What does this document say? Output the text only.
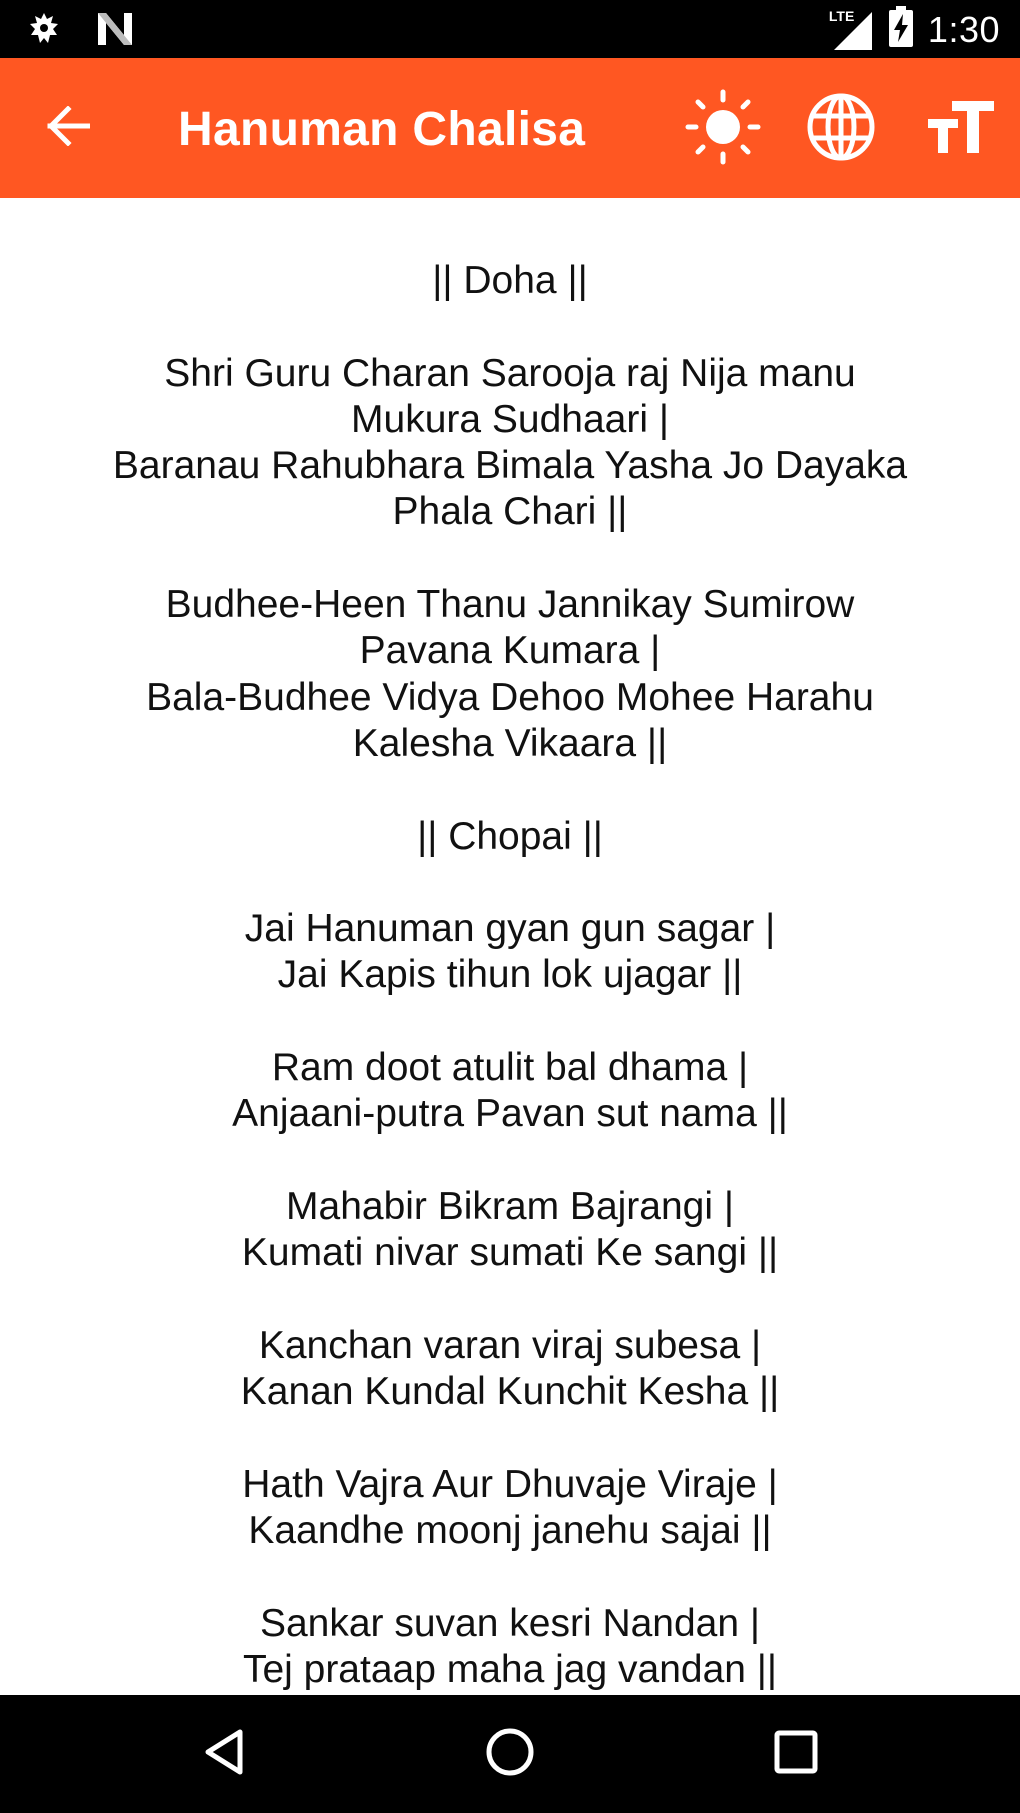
LTE 1:30
Hanuman Chalisa
|| Doha ||
Shri Guru Charan Sarooja raj Nija manu
Mukura Sudhaari |
Baranau Rahubhara Bimala Yasha Jo Dayaka
Phala Chari ||
Budhee-Heen Thanu Jannikay Sumirow
Pavana Kumara |
Bala-Budhee Vidya Dehoo Mohee Harahu
Kalesha Vikaara ||
|| Chopai ||
Jai Hanuman gyan gun sagar |
Jai Kapis tihun lok ujagar ||
Ram doot atulit bal dhama |
Anjaani-putra Pavan sut nama ||
Mahabir Bikram Bajrangi |
Kumati nivar sumati Ke sangi ||
Kanchan varan viraj subesa |
Kanan Kundal Kunchit Kesha ||
Hath Vajra Aur Dhuvaje Viraje |
Kaandhe moonj janehu sajai ||
Sankar suvan kesri Nandan |
Tej prataap maha jag vandan ||
